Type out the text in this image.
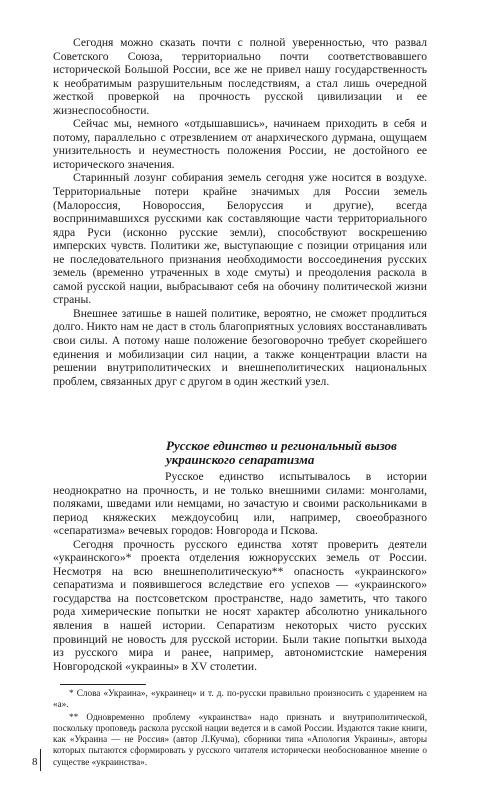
Сегодня можно сказать почти с полной уверенностью, что развал Советского Союза, территориально почти соответствовавшего исторической Большой России, все же не привел нашу государственность к необратимым разрушительным последствиям, а стал лишь очередной жесткой проверкой на прочность русской цивилизации и ее жизнеспособности.

Сейчас мы, немного «отдышавшись», начинаем приходить в себя и потому, параллельно с отрезвлением от анархического дурмана, ощущаем унизительность и неуместность положения России, не достойного ее исторического значения.

Старинный лозунг собирания земель сегодня уже носится в воздухе. Территориальные потери крайне значимых для России земель (Малороссия, Новороссия, Белоруссия и другие), всегда воспринимавшихся русскими как составляющие части территориального ядра Руси (исконно русские земли), способствуют воскрешению имперских чувств. Политики же, выступающие с позиции отрицания или не последовательного признания необходимости воссоединения русских земель (временно утраченных в ходе смуты) и преодоления раскола в самой русской нации, выбрасывают себя на обочину политической жизни страны.

Внешнее затишье в нашей политике, вероятно, не сможет продлиться долго. Никто нам не даст в столь благоприятных условиях восстанавливать свои силы. А потому наше положение безоговорочно требует скорейшего единения и мобилизации сил нации, а также концентрации власти на решении внутриполитических и внешнеполитических национальных проблем, связанных друг с другом в один жесткий узел.

Русское единство и региональный вызов
украинского сепаратизма

Русское единство испытывалось в истории неоднократно на прочность, и не только внешними силами: монголами, поляками, шведами или немцами, но зачастую и своими раскольниками в период княжеских междоусобиц или, например, своеобразного «сепаратизма» вечевых городов: Новгорода и Пскова.

Сегодня прочность русского единства хотят проверить деятели «украинского»* проекта отделения южнорусских земель от России. Несмотря на всю внешнеполитическую** опасность «украинского» сепаратизма и появившегося вследствие его успехов — «украинского» государства на постсоветском пространстве, надо заметить, что такого рода химерические попытки не носят характер абсолютно уникального явления в нашей истории. Сепаратизм некоторых чисто русских провинций не новость для русской истории. Были такие попытки выхода из русского мира и ранее, например, автономистские намерения Новгородской «украины» в XV столетии.

* Слова «Украина», «украинец» и т. д. по-русски правильно произносить с ударением на «а».

** Одновременно проблему «украинства» надо признать и внутриполитической, поскольку проповедь раскола русской нации ведется и в самой России. Издаются такие книги, как «Украина — не Россия» (автор Л.Кучма), сборники типа «Апология Украины», авторы которых пытаются сформировать у русского читателя исторически необоснованное мнение о существе «украинства».

8
